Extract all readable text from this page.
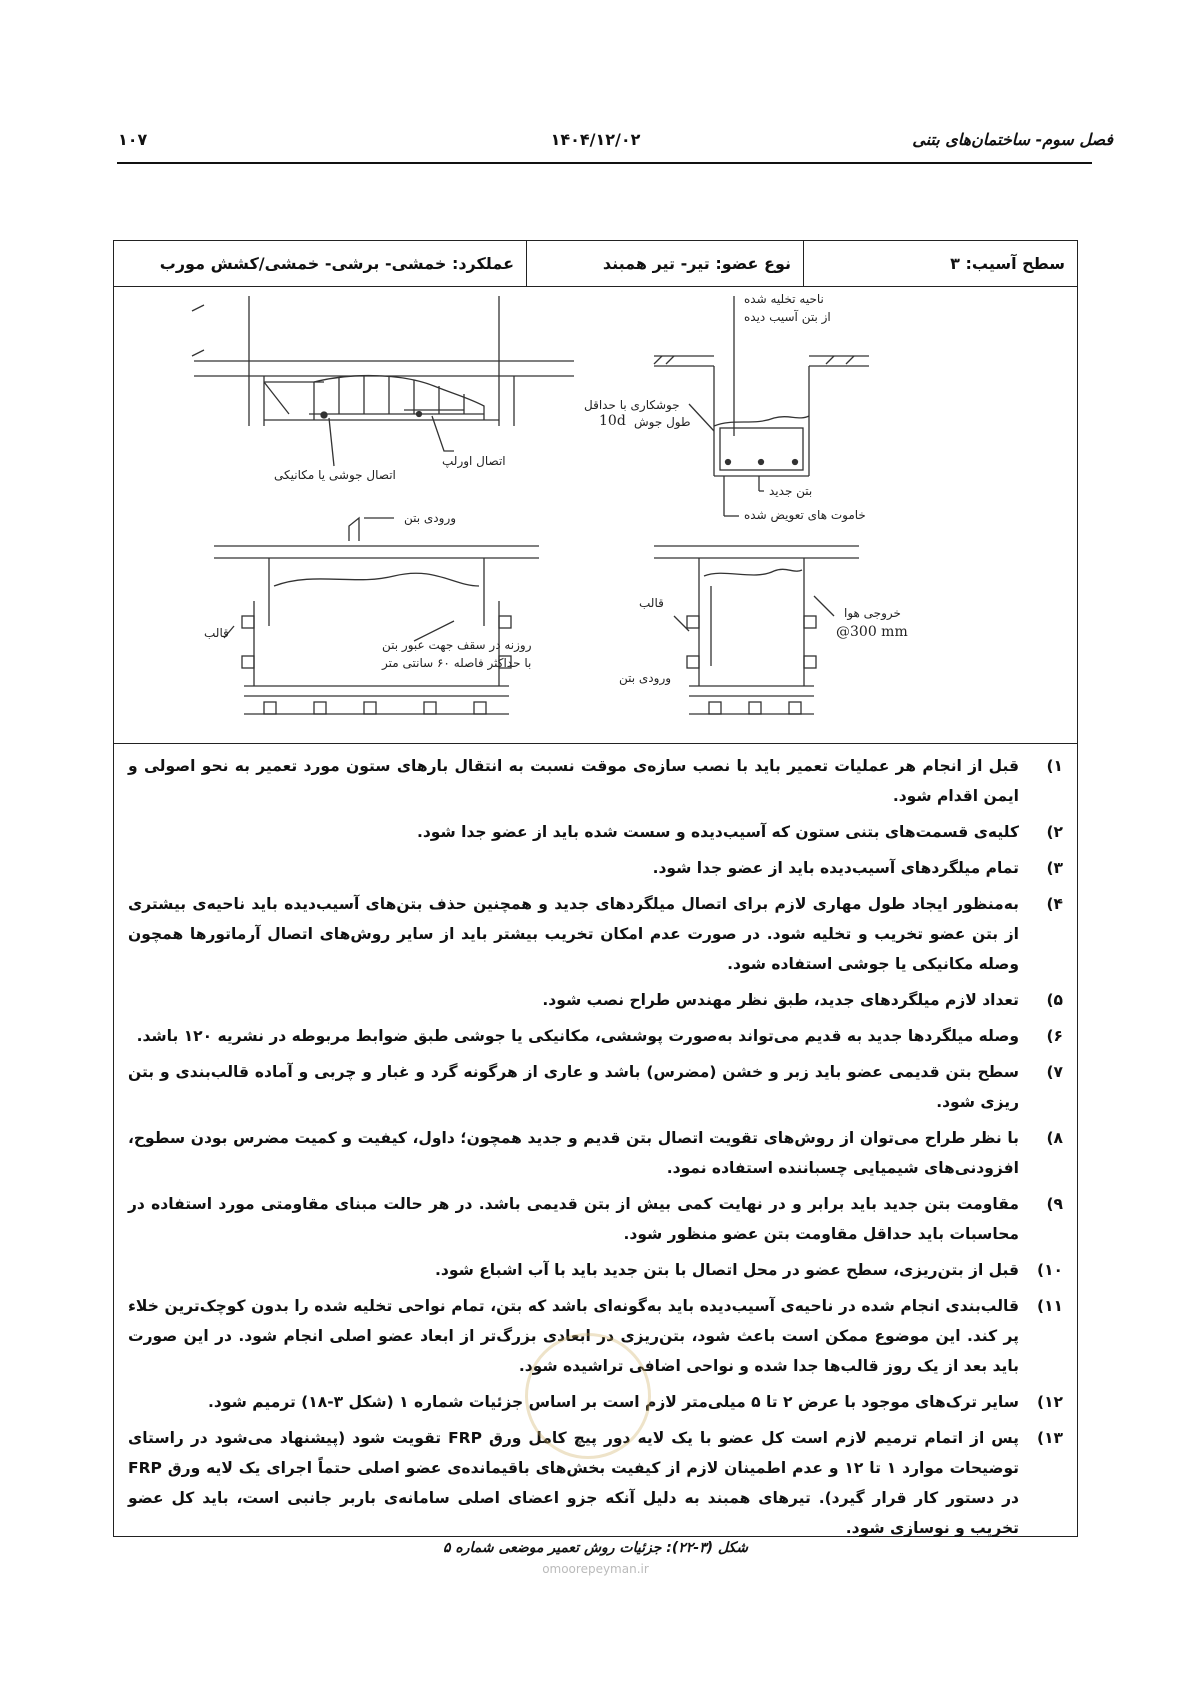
فصل سوم- ساختمان‌های بتنی
۱۴۰۴/۱۲/۰۲
۱۰۷
سطح آسیب: ۳
نوع عضو: تیر- تیر همبند
عملکرد: خمشی- برشی- خمشی/کشش مورب
اتصال اورلپ
اتصال جوشی یا مکانیکی
ناحیه تخلیه شده
از بتن آسیب دیده
جوشکاری با حداقل
طول جوش
10d
بتن جدید
خاموت های تعویض شده
ورودی بتن
قالب
روزنه در سقف جهت عبور بتن
با حداکثر فاصله ۶۰ سانتی متر
قالب
خروجی هوا
@300 mm
ورودی بتن
۱)
قبل از انجام هر عملیات تعمیر باید با نصب سازه‌ی موقت نسبت به انتقال بارهای ستون مورد تعمیر به نحو اصولی و ایمن اقدام شود.
۲)
کلیه‌ی قسمت‌های بتنی ستون که آسیب‌دیده و سست شده باید از عضو جدا شود.
۳)
تمام میلگردهای آسیب‌دیده باید از عضو جدا شود.
۴)
به‌منظور ایجاد طول مهاری لازم برای اتصال میلگردهای جدید و همچنین حذف بتن‌های آسیب‌دیده باید ناحیه‌ی بیشتری از بتن عضو تخریب و تخلیه شود. در صورت عدم امکان تخریب بیشتر باید از سایر روش‌های اتصال آرماتورها همچون وصله مکانیکی یا جوشی استفاده شود.
۵)
تعداد لازم میلگردهای جدید، طبق نظر مهندس طراح نصب شود.
۶)
وصله میلگردها جدید به قدیم می‌تواند به‌صورت پوششی، مکانیکی یا جوشی طبق ضوابط مربوطه در نشریه ۱۲۰ باشد.
۷)
سطح بتن قدیمی عضو باید زبر و خشن (مضرس) باشد و عاری از هرگونه گرد و غبار و چربی و آماده قالب‌بندی و بتن ریزی شود.
۸)
با نظر طراح می‌توان از روش‌های تقویت اتصال بتن قدیم و جدید همچون؛ داول، کیفیت و کمیت مضرس بودن سطوح، افزودنی‌های شیمیایی چسباننده استفاده نمود.
۹)
مقاومت بتن جدید باید برابر و در نهایت کمی بیش از بتن قدیمی باشد. در هر حالت مبنای مقاومتی مورد استفاده در محاسبات باید حداقل مقاومت بتن عضو منظور شود.
۱۰)
قبل از بتن‌ریزی، سطح عضو در محل اتصال با بتن جدید باید با آب اشباع شود.
۱۱)
قالب‌بندی انجام شده در ناحیه‌ی آسیب‌دیده باید به‌گونه‌ای باشد که بتن، تمام نواحی تخلیه شده را بدون کوچک‌ترین خلاء پر کند. این موضوع ممکن است باعث شود، بتن‌ریزی در ابعادی بزرگ‌تر از ابعاد عضو اصلی انجام شود. در این صورت باید بعد از یک روز قالب‌ها جدا شده و نواحی اضافی تراشیده شود.
۱۲)
سایر ترک‌های موجود با عرض ۲ تا ۵ میلی‌متر لازم است بر اساس جزئیات شماره ۱ (شکل ۳-۱۸) ترمیم شود.
۱۳)
پس از اتمام ترمیم لازم است کل عضو با یک لایه دور پیچ کامل ورق FRP تقویت شود (پیشنهاد می‌شود در راستای توضیحات موارد ۱ تا ۱۲ و عدم اطمینان لازم از کیفیت بخش‌های باقیمانده‌ی عضو اصلی حتماً اجرای یک لایه ورق FRP در دستور کار قرار گیرد). تیرهای همبند به دلیل آنکه جزو اعضای اصلی سامانه‌ی باربر جانبی است، باید کل عضو تخریب و نوسازی شود.
شکل (۳-۲۲): جزئیات روش تعمیر موضعی شماره ۵
omoorepeyman.ir
